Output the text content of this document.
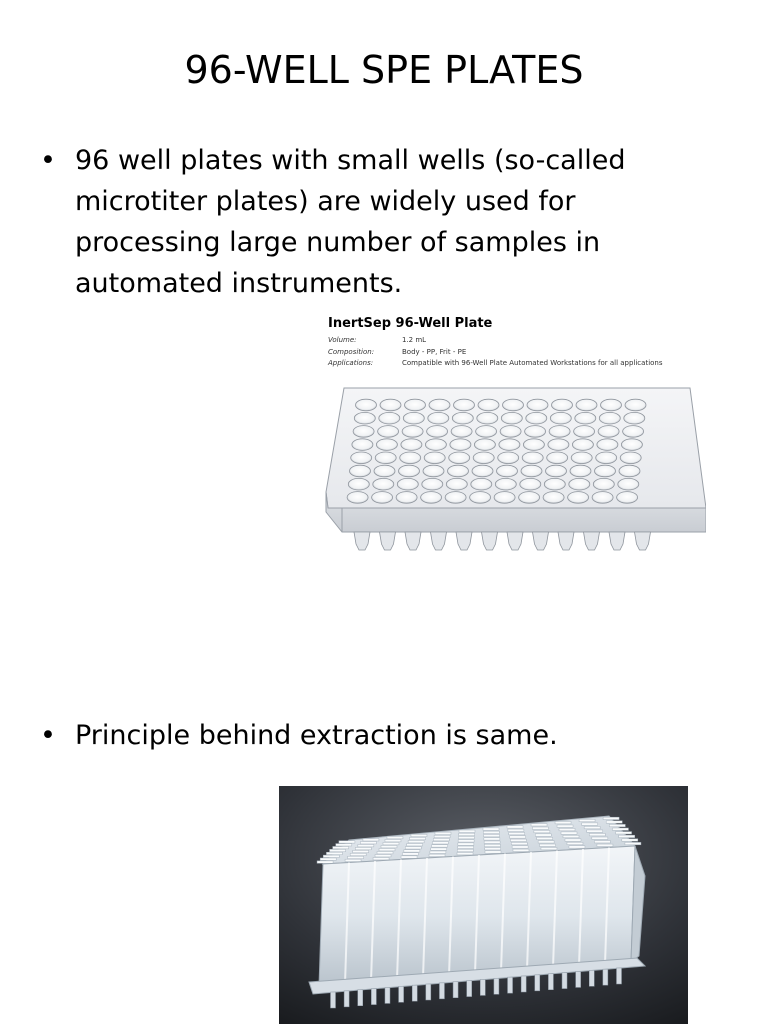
96-WELL SPE PLATES
• 96 well plates with small wells (so-called microtiter plates) are widely used for processing large number of samples in automated instruments.
InertSep 96-Well Plate
Volume:	1.2 mL
Composition:	Body - PP, Frit - PE
Applications:	Compatible with 96-Well Plate Automated Workstations for all applications
• Principle behind extraction is same.
